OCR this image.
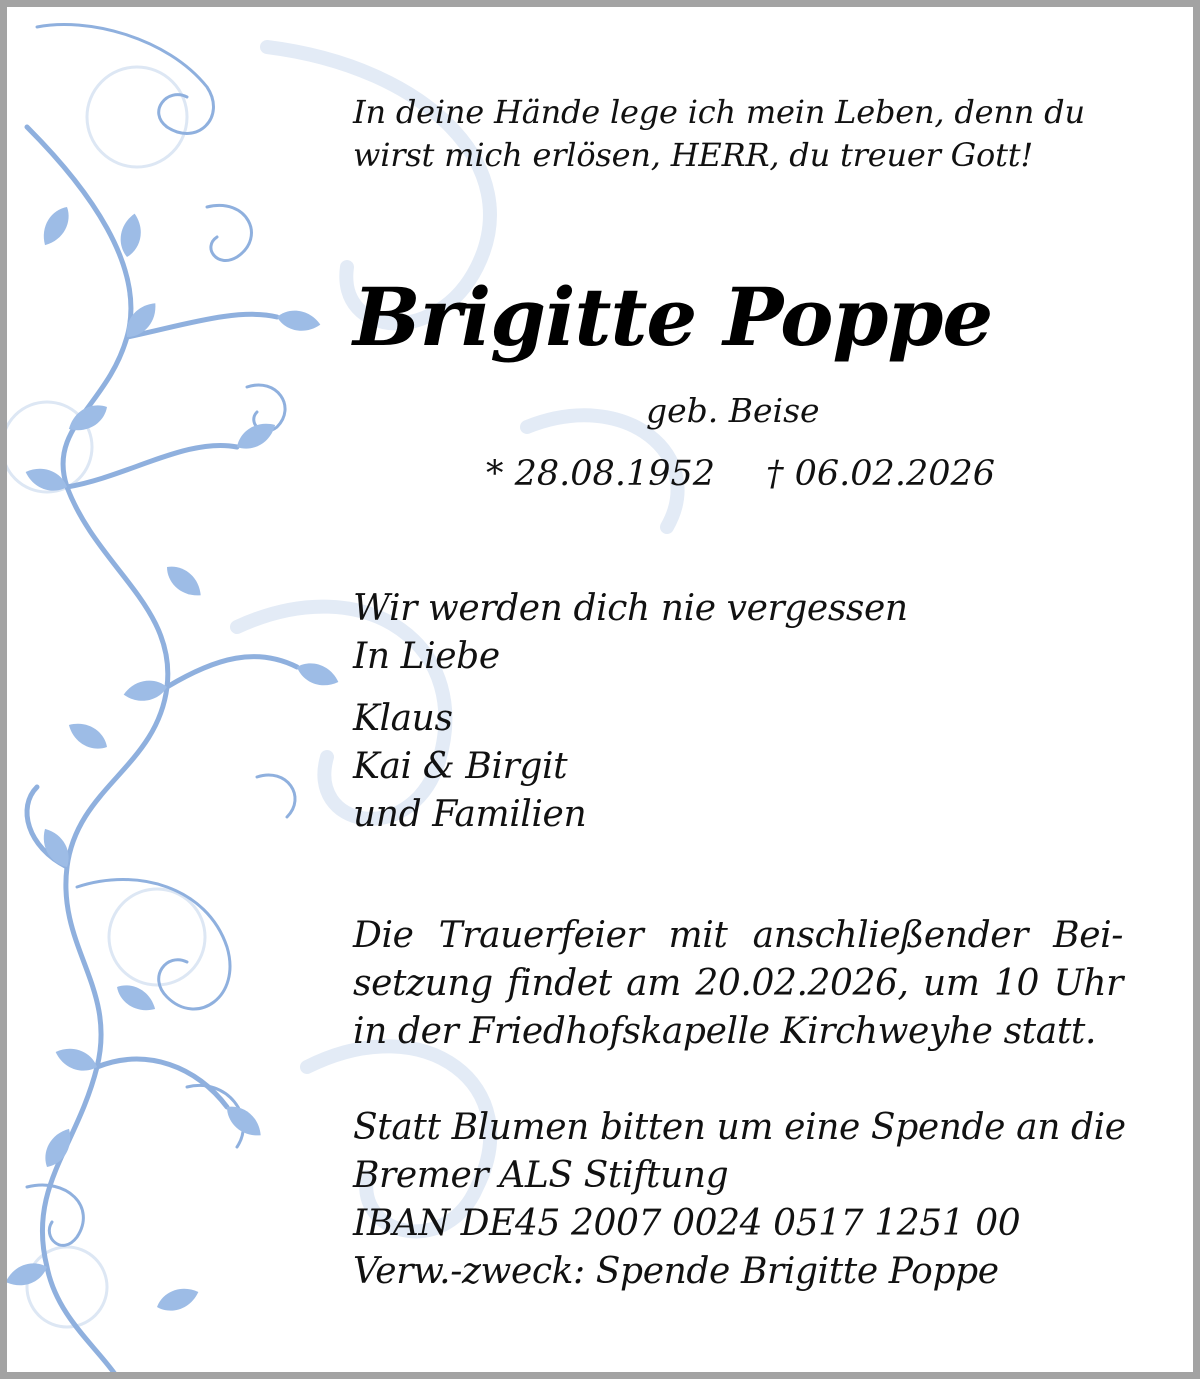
In deine Hände lege ich mein Leben, denn du
wirst mich erlösen, HERR, du treuer Gott!
Brigitte Poppe
geb. Beise
* 28.08.1952 † 06.02.2026
Wir werden dich nie vergessen
In Liebe
Klaus
Kai & Birgit
und Familien
Die Trauerfeier mit anschließender Bei-
setzung findet am 20.02.2026, um 10 Uhr
in der Friedhofskapelle Kirchweyhe statt.
Statt Blumen bitten um eine Spende an die
Bremer ALS Stiftung
IBAN DE45 2007 0024 0517 1251 00
Verw.-zweck: Spende Brigitte Poppe
